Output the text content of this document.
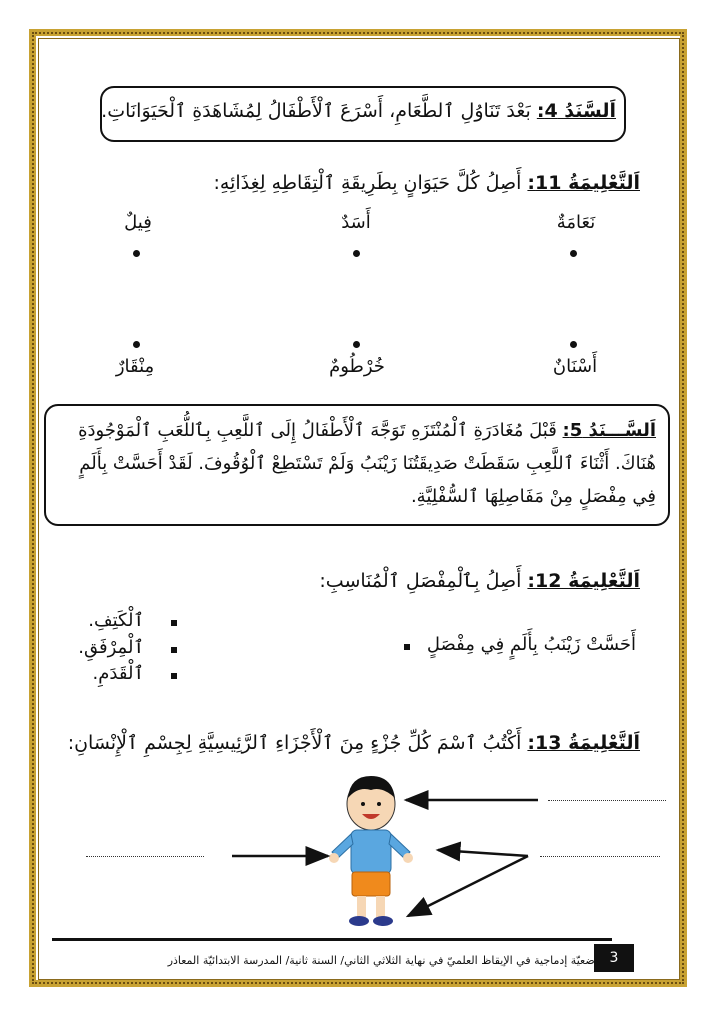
اَلسَّنَدُ 4: بَعْدَ تَنَاوُلِ ٱلطَّعَامِ، أَسْرَعَ ٱلْأَطْفَالُ لِمُشَاهَدَةِ ٱلْحَيَوَانَاتِ.
اَلتَّعْلِيمَةُ 11: أَصِلُ كُلَّ حَيَوَانٍ بِطَرِيقَةِ ٱلْتِقَاطِهِ لِغِذَائِهِ:
نَعَامَةٌ
أَسَدٌ
فِيلٌ
أَسْنَانٌ
خُرْطُومٌ
مِنْقَارٌ
اَلسَّـــنَدُ 5: قَبْلَ مُغَادَرَةِ ٱلْمُنْتَزَهِ تَوَجَّهَ ٱلْأَطْفَالُ إِلَى ٱللَّعِبِ بِٱللُّعَبِ ٱلْمَوْجُودَةِ هُنَاكَ. أَثْنَاءَ ٱللَّعِبِ سَقَطَتْ صَدِيقَتُنَا زَيْنَبُ وَلَمْ تَسْتَطِعْ ٱلْوُقُوفَ. لَقَدْ أَحَسَّتْ بِأَلَمٍ فِي مِفْصَلٍ مِنْ مَفَاصِلِهَا ٱلسُّفْلِيَّةِ.
اَلتَّعْلِيمَةُ 12: أَصِلُ بِٱلْمِفْصَلِ ٱلْمُنَاسِبِ:
أَحَسَّتْ زَيْنَبُ بِأَلَمٍ فِي مِفْصَلٍ
ٱلْكَتِفِ.
ٱلْمِرْفَقِ.
ٱلْقَدَمِ.
اَلتَّعْلِيمَةُ 13: أَكْتُبُ ٱسْمَ كُلِّ جُزْءٍ مِنَ ٱلْأَجْزَاءِ ٱلرَّئِيسِيَّةِ لِجِسْمِ ٱلْإِنْسَانِ:
3
وضعيّة إدماجية في الإيقاظ العلميّ في نهاية الثلاثي الثاني/ السنة ثانية/ المدرسة الابتدائيّة المعاذر
